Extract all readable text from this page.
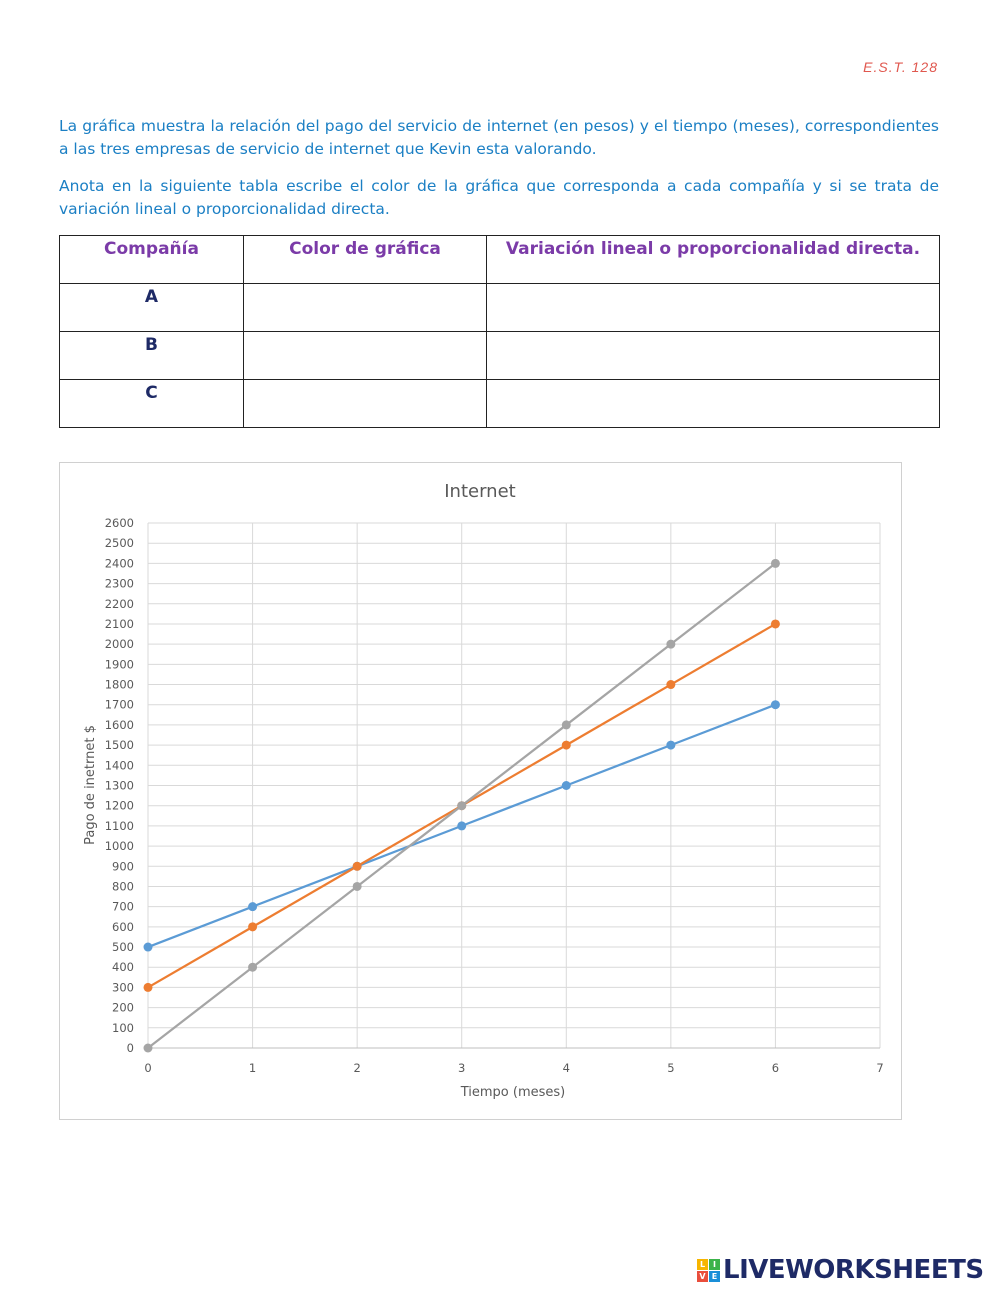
E.S.T. 128

La gráfica muestra la relación del pago del servicio de internet (en pesos) y el tiempo (meses), correspondientes a las tres empresas de servicio de internet que Kevin esta valorando.

Anota en la siguiente tabla escribe el color de la gráfica que corresponda a cada compañía y si se trata de variación lineal o proporcionalidad directa.

Compañía	Color de gráfica	Variación lineal o proporcionalidad directa.
A		
B		
C		
Internet
Tiempo (meses)
Pago de inetrnet $
0
100
200
300
400
500
600
700
800
900
1000
1100
1200
1300
1400
1500
1600
1700
1800
1900
2000
2100
2200
2300
2400
2500
2600
0	1	2	3	4	5	6	7
L I
V E LIVEWORKSHEETS
